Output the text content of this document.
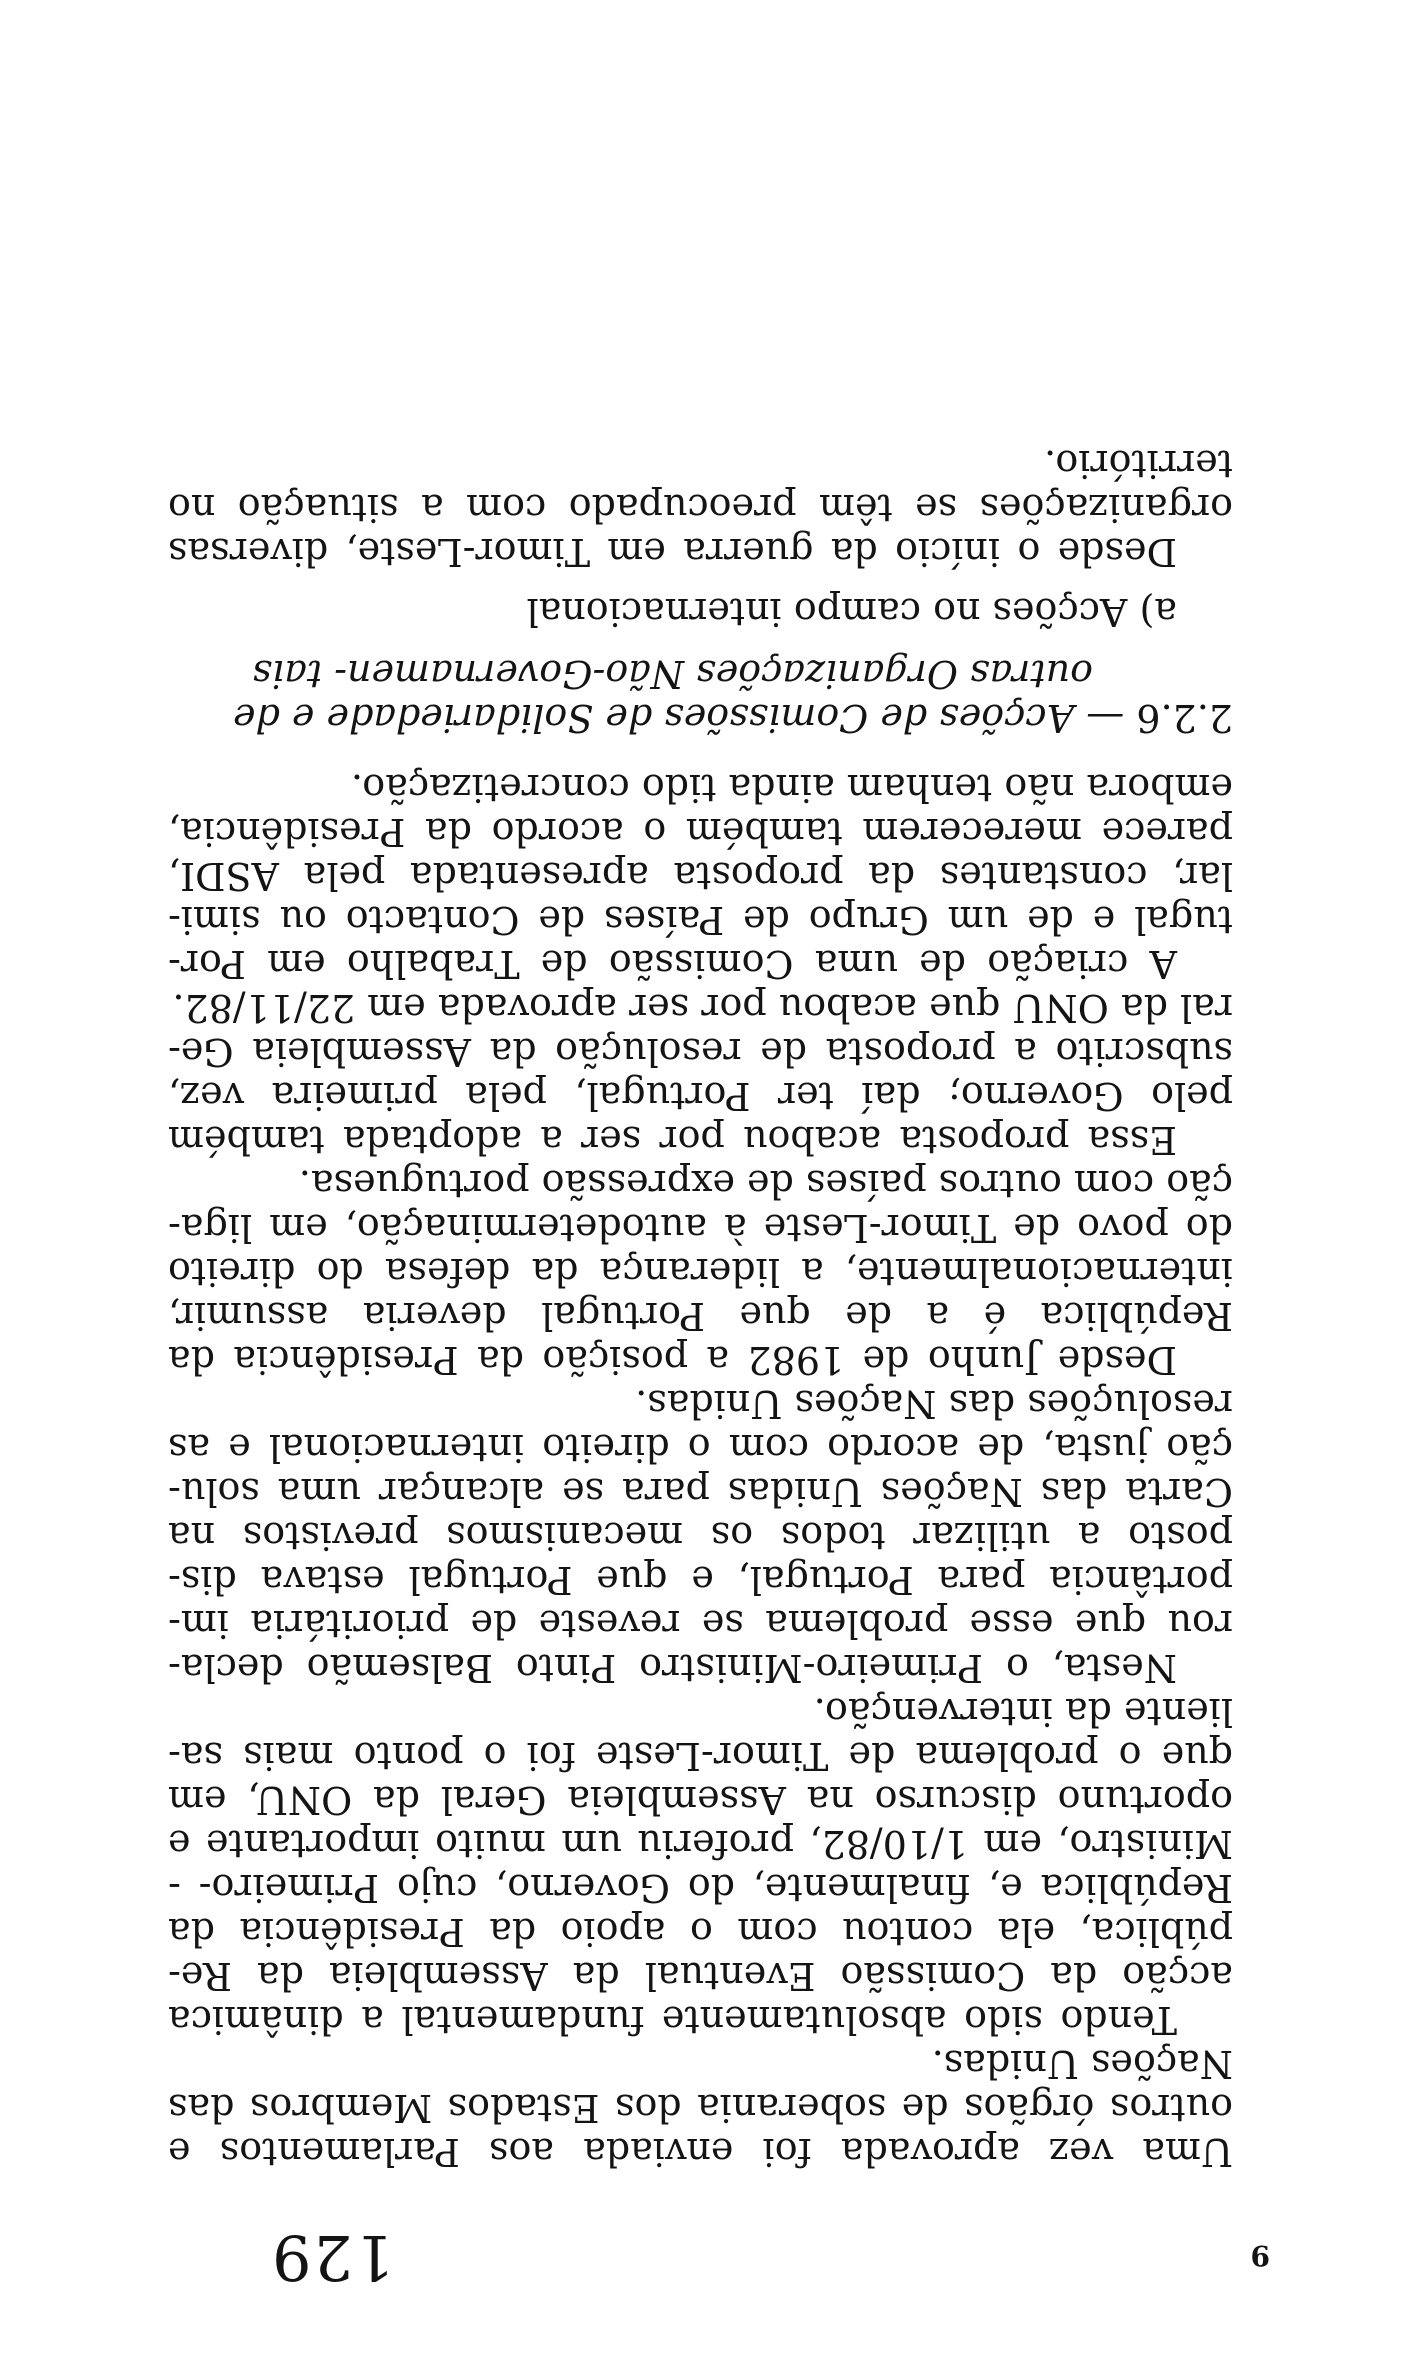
Uma vez aprovada foi enviada aos Parlamentos e outros órgãos de soberania dos Estados Membros das Nações Unidas.

Tendo sido absolutamente fundamental a dinâmica acção da Comissão Eventual da Assembleia da Re- pública, ela contou com o apoio da Presidência da República e, finalmente, do Governo, cujo Primeiro- -Ministro, em 1/10/82, proferiu um muito importante e oportuno discurso na Assembleia Geral da ONU, em que o problema de Timor-Leste foi o ponto mais sa- liente da intervenção.

Nesta, o Primeiro-Ministro Pinto Balsemão decla- rou que esse problema se reveste de prioritária im- portância para Portugal, e que Portugal estava dis- posto a utilizar todos os mecanismos previstos na Carta das Nações Unidas para se alcançar uma solu- ção justa, de acordo com o direito internacional e as resoluções das Nações Unidas.

Desde Junho de 1982 a posição da Presidência da República é a de que Portugal deveria assumir, internacionalmente, a liderança da defesa do direito do povo de Timor-Leste à autodeterminação, em liga- ção com outros países de expressão portuguesa.

Essa proposta acabou por ser a adoptada também pelo Governo; daí ter Portugal, pela primeira vez, subscrito a proposta de resolução da Assembleia Ge- ral da ONU que acabou por ser aprovada em 22/11/82.

A criação de uma Comissão de Trabalho em Por- tugal e de um Grupo de Países de Contacto ou simi- lar, constantes da proposta apresentada pela ASDI, parece merecerem também o acordo da Presidência, embora não tenham ainda tido concretização.

2.2.6 — Acções de Comissões de Solidariedade e de outras Organizações Não-Governamen- tais
a) Acções no campo internacional

Desde o início da guerra em Timor-Leste, diversas organizações se têm preocupado com a situação no território.

9
129
